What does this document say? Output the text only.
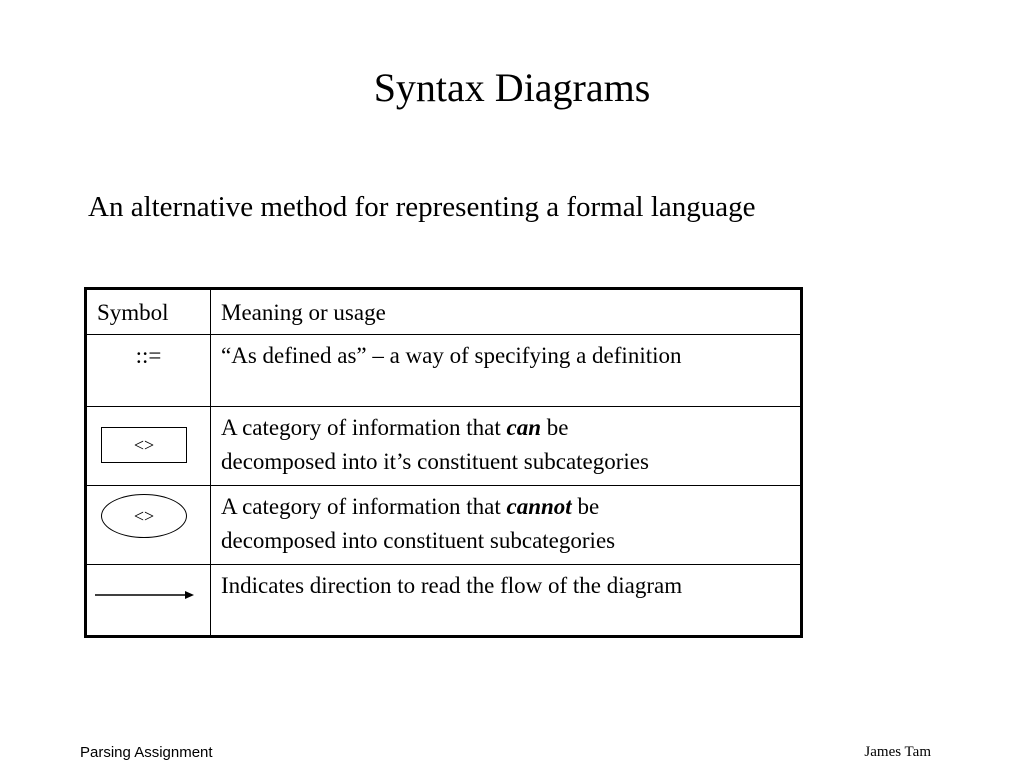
Syntax Diagrams
An alternative method for representing a formal language
Symbol	Meaning or usage
::=	“As defined as” – a way of specifying a definition

<>	A category of information that can be
decomposed into it’s constituent subcategories

<>	A category of information that cannot be
decomposed into constituent subcategories

	Indicates direction to read the flow of the diagram
Parsing Assignment	James Tam
